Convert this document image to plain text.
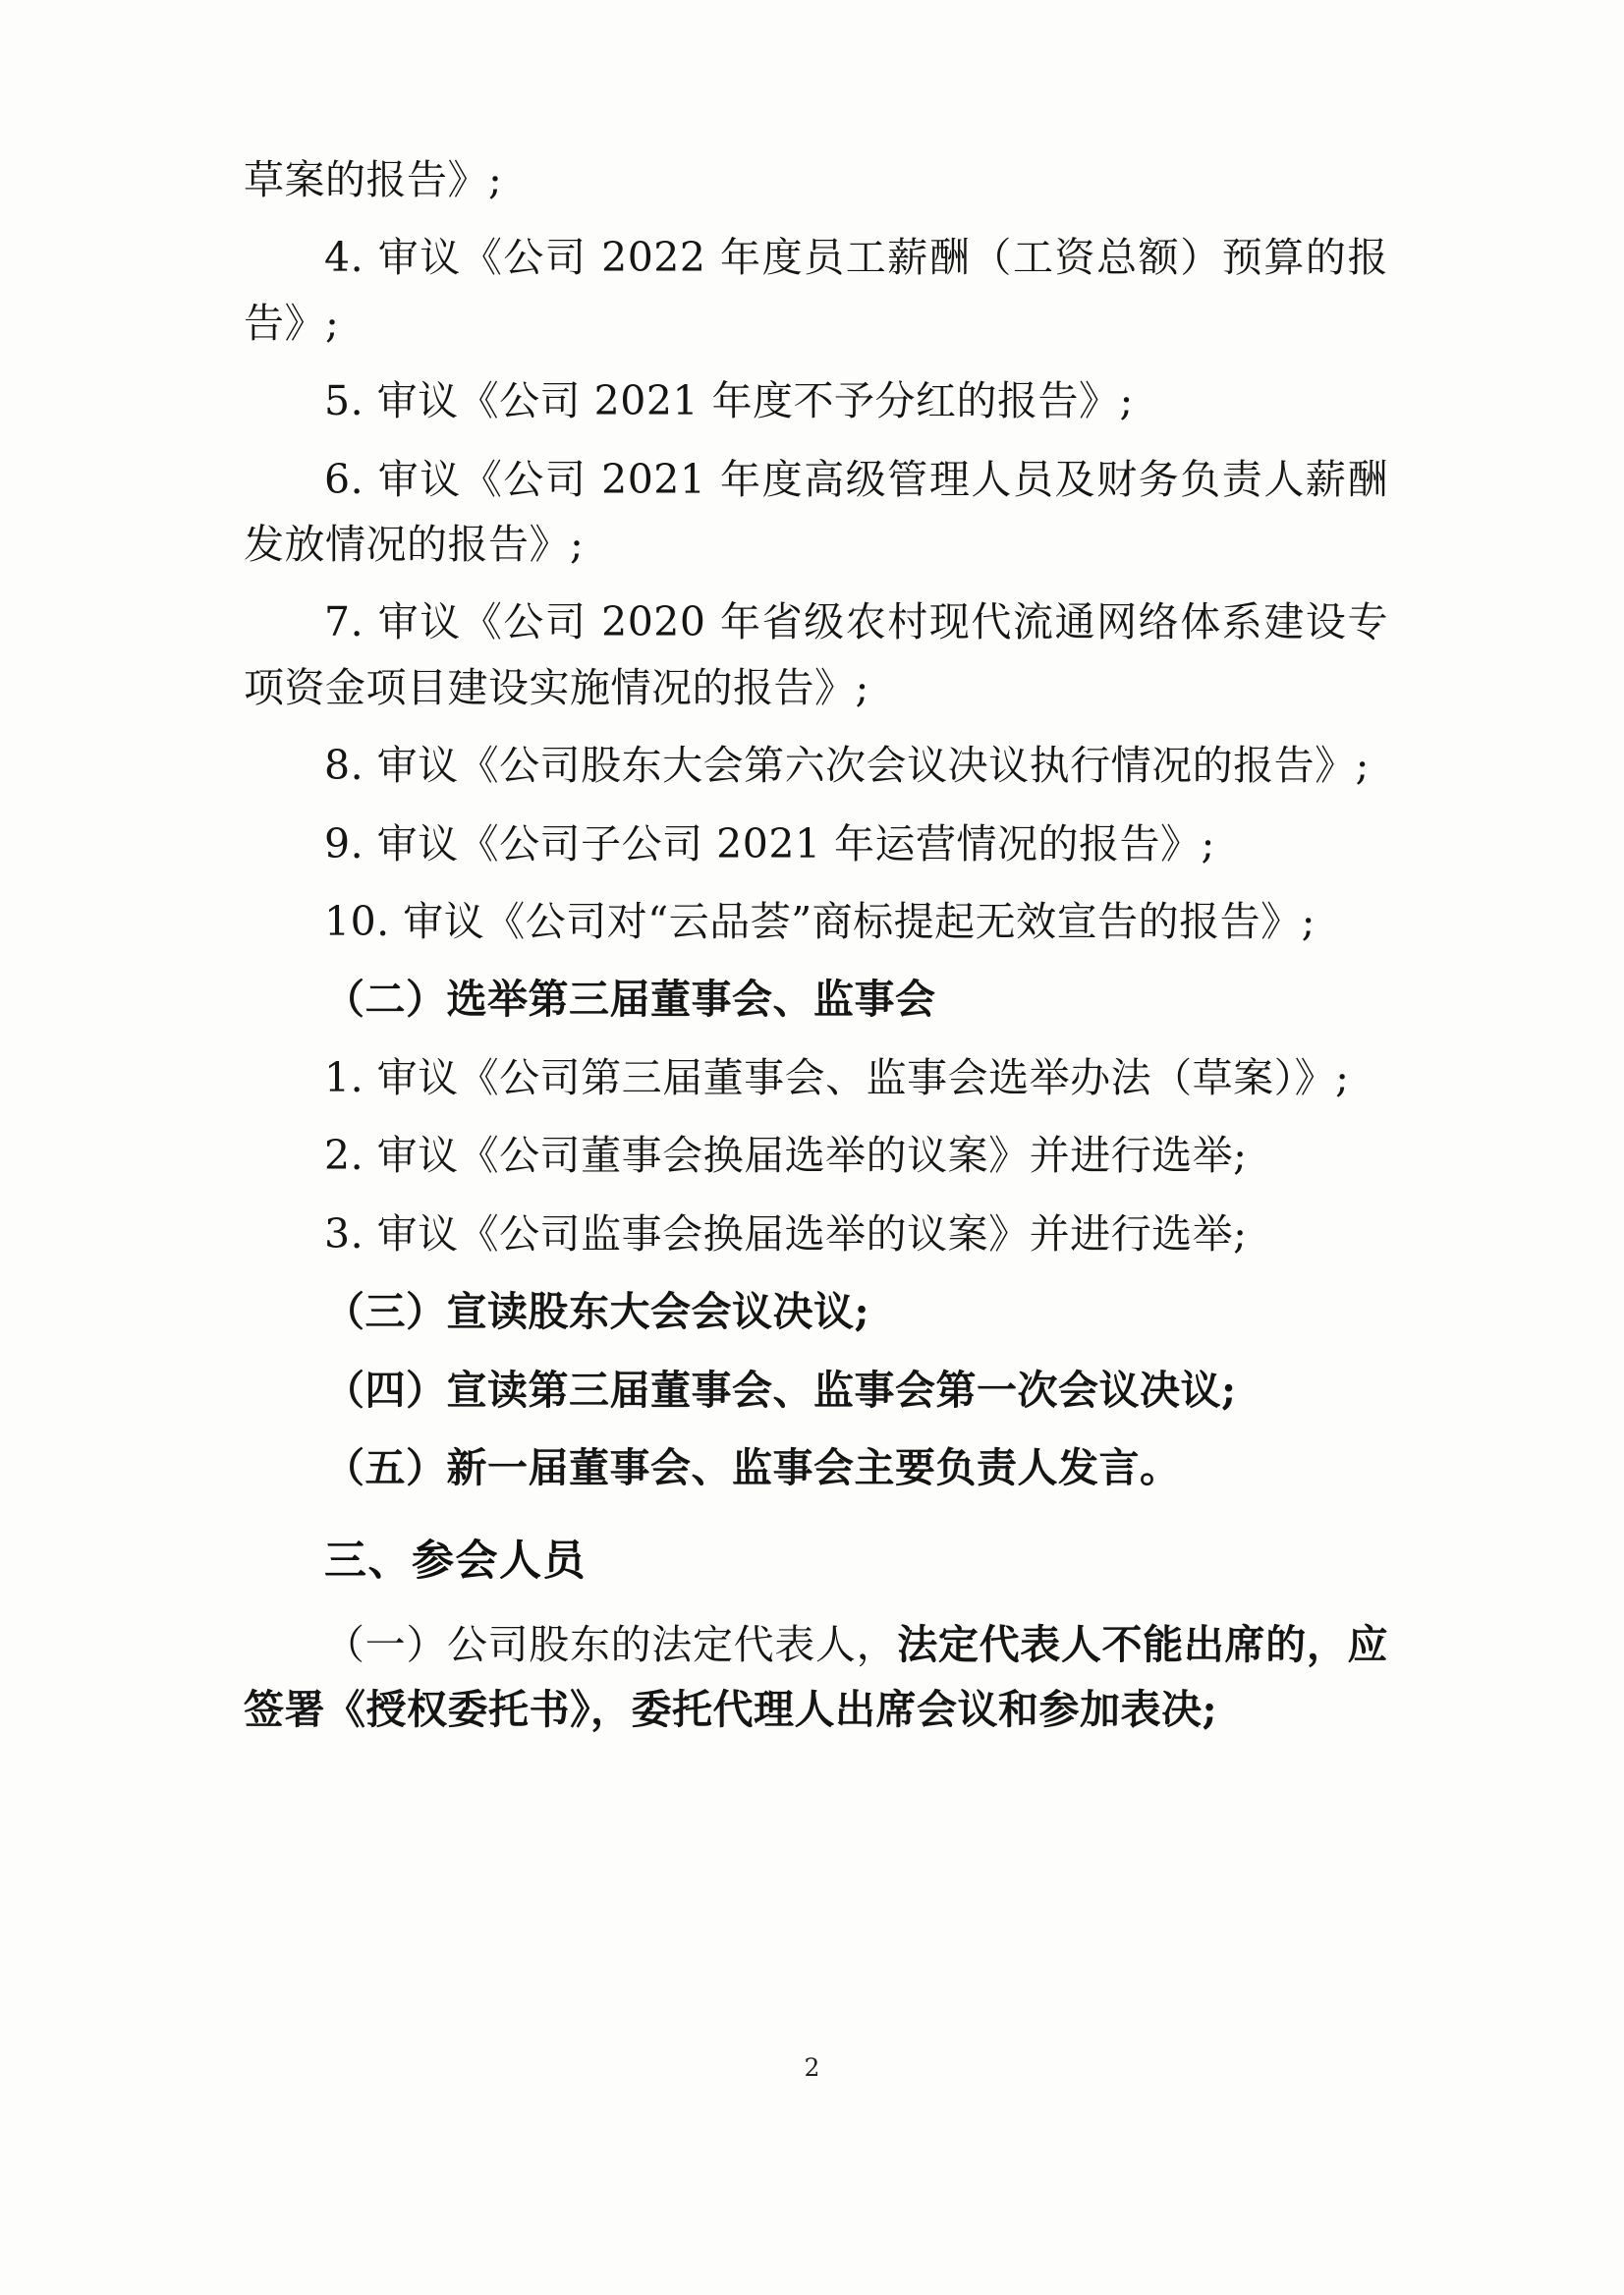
草案的报告》;

4. 审议《公司 2022 年度员工薪酬（工资总额）预算的报告》;

5. 审议《公司 2021 年度不予分红的报告》;

6. 审议《公司 2021 年度高级管理人员及财务负责人薪酬发放情况的报告》;

7. 审议《公司 2020 年省级农村现代流通网络体系建设专项资金项目建设实施情况的报告》;

8. 审议《公司股东大会第六次会议决议执行情况的报告》;

9. 审议《公司子公司 2021 年运营情况的报告》;

10. 审议《公司对“云品荟”商标提起无效宣告的报告》;

（二）选举第三届董事会、监事会

1. 审议《公司第三届董事会、监事会选举办法（草案）》;

2. 审议《公司董事会换届选举的议案》并进行选举;

3. 审议《公司监事会换届选举的议案》并进行选举;

（三）宣读股东大会会议决议;

（四）宣读第三届董事会、监事会第一次会议决议;

（五）新一届董事会、监事会主要负责人发言。

三、参会人员

（一）公司股东的法定代表人，法定代表人不能出席的，应签署《授权委托书》，委托代理人出席会议和参加表决;

2
